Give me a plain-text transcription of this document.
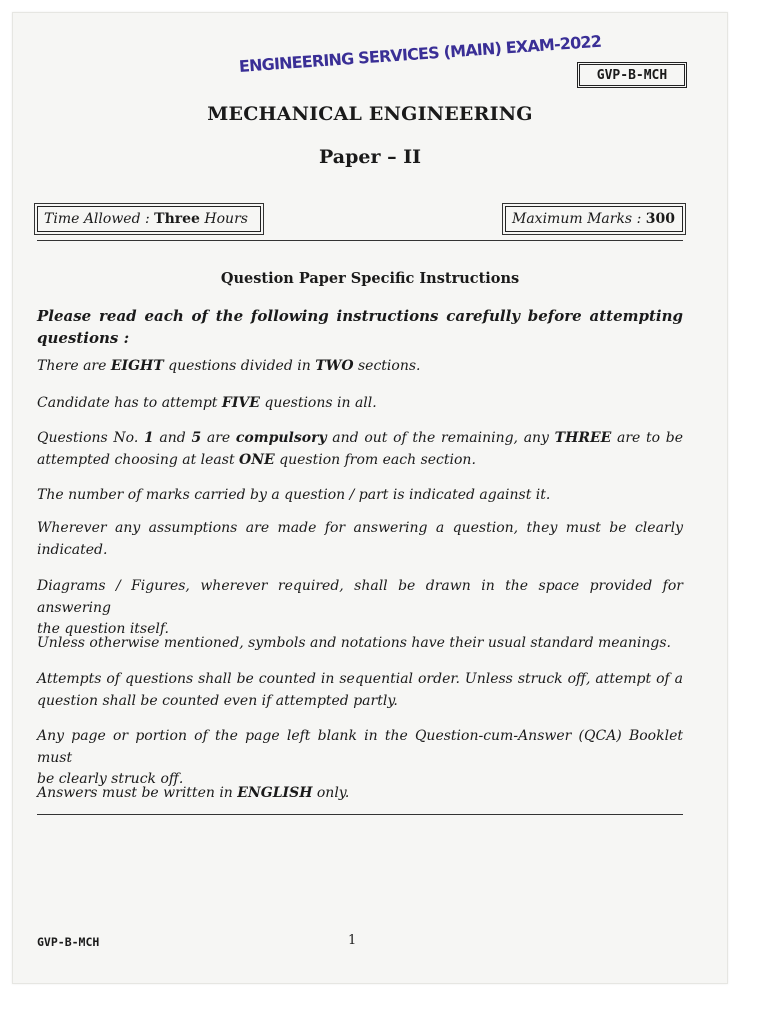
ENGINEERING SERVICES (MAIN) EXAM-2022
GVP-B-MCH
MECHANICAL ENGINEERING
Paper – II
Time Allowed :
Three
Hours	Maximum Marks :
300
Question Paper Specific Instructions
Please read each of the following instructions carefully before attempting questions :
There are EIGHT questions divided in TWO sections.
Candidate has to attempt FIVE questions in all.
Questions No. 1 and 5 are compulsory and out of the remaining, any THREE are to be
attempted choosing at least ONE question from each section.
The number of marks carried by a question / part is indicated against it.
Wherever any assumptions are made for answering a question, they must be clearly
indicated.
Diagrams / Figures, wherever required, shall be drawn in the space provided for answering
the question itself.
Unless otherwise mentioned, symbols and notations have their usual standard meanings.
Attempts of questions shall be counted in sequential order. Unless struck off, attempt of a
question shall be counted even if attempted partly.
Any page or portion of the page left blank in the Question-cum-Answer (QCA) Booklet must
be clearly struck off.
Answers must be written in ENGLISH only.
GVP-B-MCH	1
